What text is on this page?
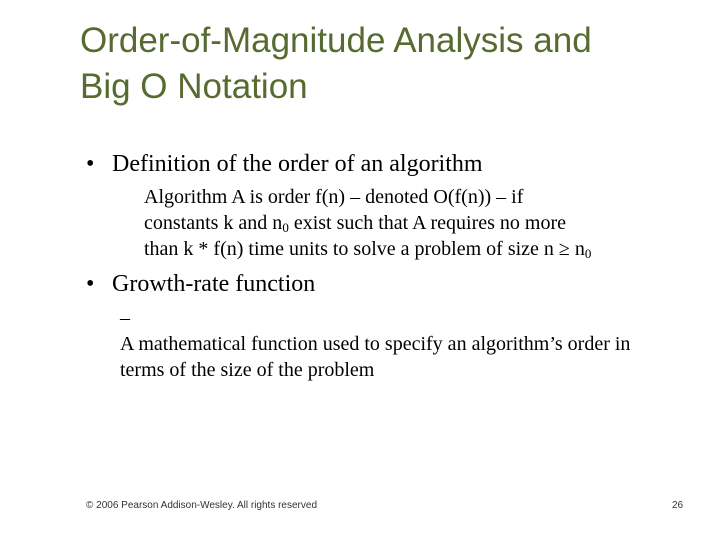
Order-of-Magnitude Analysis and
Big O Notation
• Definition of the order of an algorithm
Algorithm A is order f(n) – denoted O(f(n)) – if
constants k and $n_0$ exist such that A requires no more
than k * f(n) time units to solve a problem of size $n \ge n_0$
• Growth-rate function
–A mathematical function used to specify an algorithm’s order in terms of the size of the problem
© 2006 Pearson Addison-Wesley. All rights reserved	26
